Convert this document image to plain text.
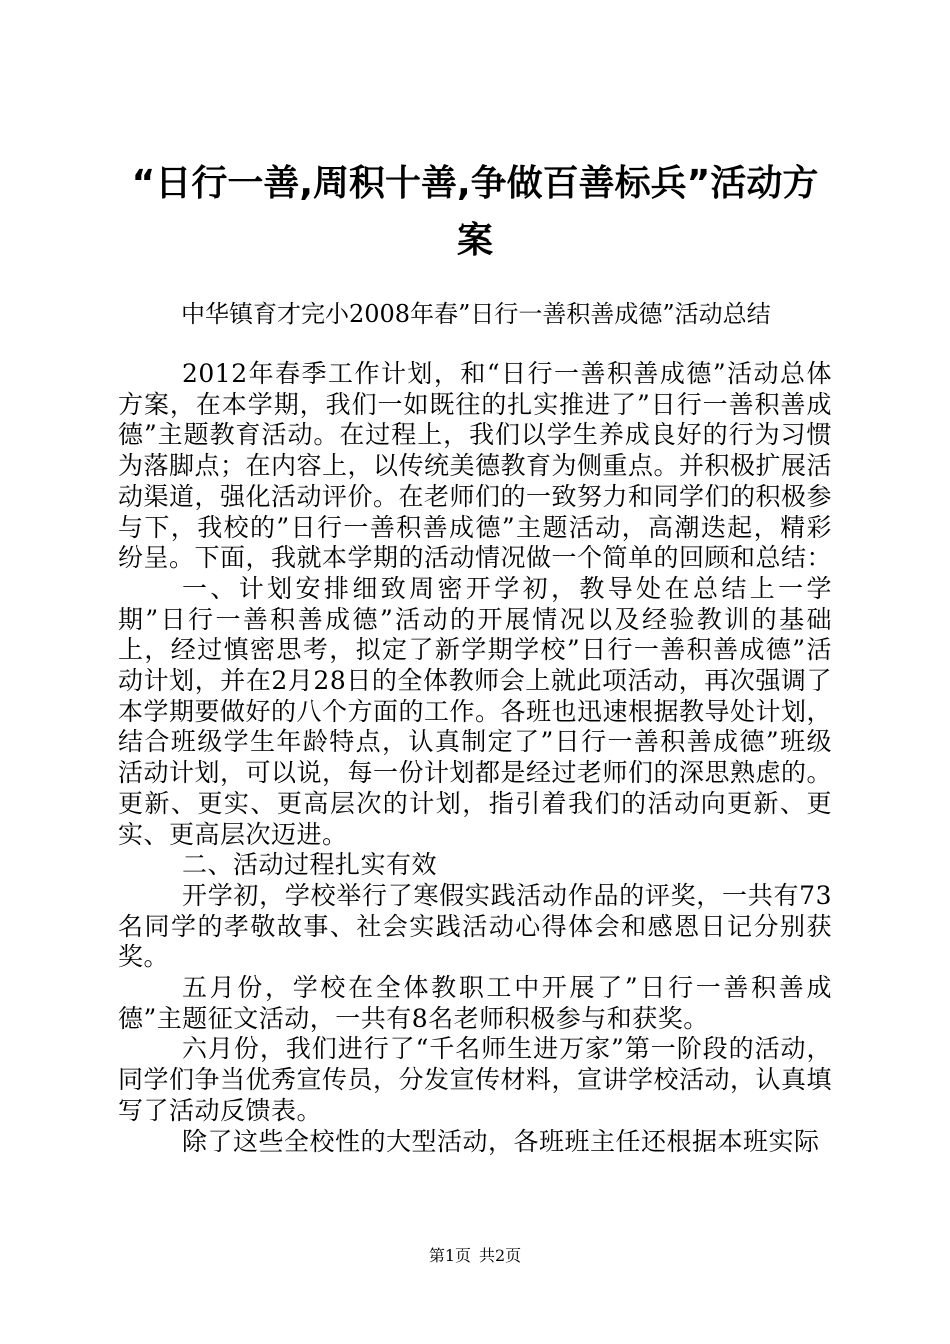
“日行一善,周积十善,争做百善标兵”活动方
案
中华镇育才完小2008年春”日行一善积善成德”活动总结

2012年春季工作计划，和“日行一善积善成德”活动总体方案，在本学期，我们一如既往的扎实推进了”日行一善积善成德”主题教育活动。在过程上，我们以学生养成良好的行为习惯为落脚点；在内容上，以传统美德教育为侧重点。并积极扩展活动渠道，强化活动评价。在老师们的一致努力和同学们的积极参与下，我校的”日行一善积善成德”主题活动，高潮迭起，精彩纷呈。下面，我就本学期的活动情况做一个简单的回顾和总结：

一、计划安排细致周密开学初，教导处在总结上一学期”日行一善积善成德”活动的开展情况以及经验教训的基础上，经过慎密思考，拟定了新学期学校”日行一善积善成德”活动计划，并在2月28日的全体教师会上就此项活动，再次强调了本学期要做好的八个方面的工作。各班也迅速根据教导处计划，结合班级学生年龄特点，认真制定了”日行一善积善成德”班级活动计划，可以说，每一份计划都是经过老师们的深思熟虑的。更新、更实、更高层次的计划，指引着我们的活动向更新、更实、更高层次迈进。

二、活动过程扎实有效

开学初，学校举行了寒假实践活动作品的评奖，一共有73名同学的孝敬故事、社会实践活动心得体会和感恩日记分别获奖。

五月份，学校在全体教职工中开展了”日行一善积善成德”主题征文活动，一共有8名老师积极参与和获奖。

六月份，我们进行了“千名师生进万家”第一阶段的活动，同学们争当优秀宣传员，分发宣传材料，宣讲学校活动，认真填写了活动反馈表。

除了这些全校性的大型活动，各班班主任还根据本班实际

第1页 共2页
